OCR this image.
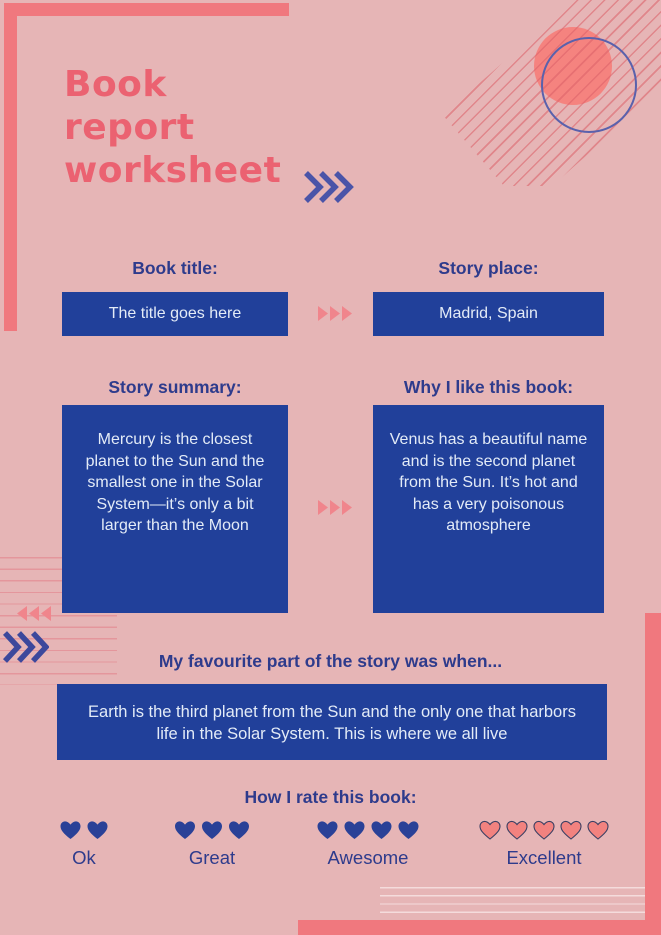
Book report worksheet
Book title:
The title goes here
Story place:
Madrid, Spain
Story summary:
Mercury is the closest planet to the Sun and the smallest one in the Solar System—it’s only a bit larger than the Moon
Why I like this book:
Venus has a beautiful name and is the second planet from the Sun. It’s hot and has a very poisonous atmosphere
My favourite part of the story was when...
Earth is the third planet from the Sun and the only one that harbors life in the Solar System. This is where we all live
How I rate this book:
Ok	Great	Awesome	Excellent
